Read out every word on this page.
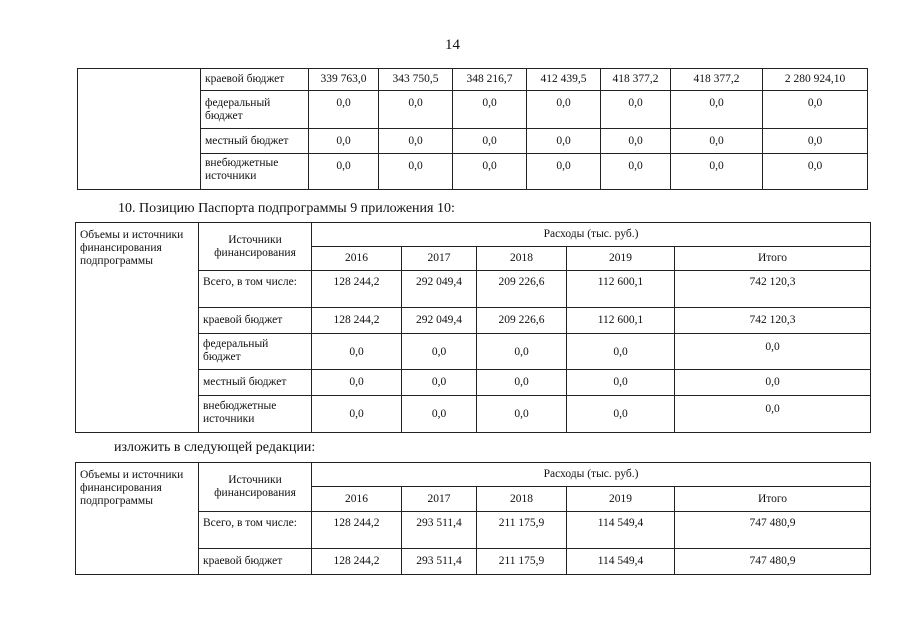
14
	краевой бюджет	339 763,0	343 750,5	348 216,7	412 439,5	418 377,2	418 377,2	2 280 924,10
	федеральный бюджет	0,0	0,0	0,0	0,0	0,0	0,0	0,0
	местный бюджет	0,0	0,0	0,0	0,0	0,0	0,0	0,0
	внебюджетные источники	0,0	0,0	0,0	0,0	0,0	0,0	0,0
10. Позицию Паспорта подпрограммы 9 приложения 10:
Объемы и источники финансирования подпрограммы	Источники финансирования	Расходы (тыс. руб.)				
		2016	2017	2018	2019	Итого
	Всего, в том числе:	128 244,2	292 049,4	209 226,6	112 600,1	742 120,3
	краевой бюджет	128 244,2	292 049,4	209 226,6	112 600,1	742 120,3
	федеральный бюджет	0,0	0,0	0,0	0,0	0,0
	местный бюджет	0,0	0,0	0,0	0,0	0,0
	внебюджетные источники	0,0	0,0	0,0	0,0	0,0
изложить в следующей редакции:
Объемы и источники финансирования подпрограммы	Источники финансирования	Расходы (тыс. руб.)				
		2016	2017	2018	2019	Итого
	Всего, в том числе:	128 244,2	293 511,4	211 175,9	114 549,4	747 480,9
	краевой бюджет	128 244,2	293 511,4	211 175,9	114 549,4	747 480,9
